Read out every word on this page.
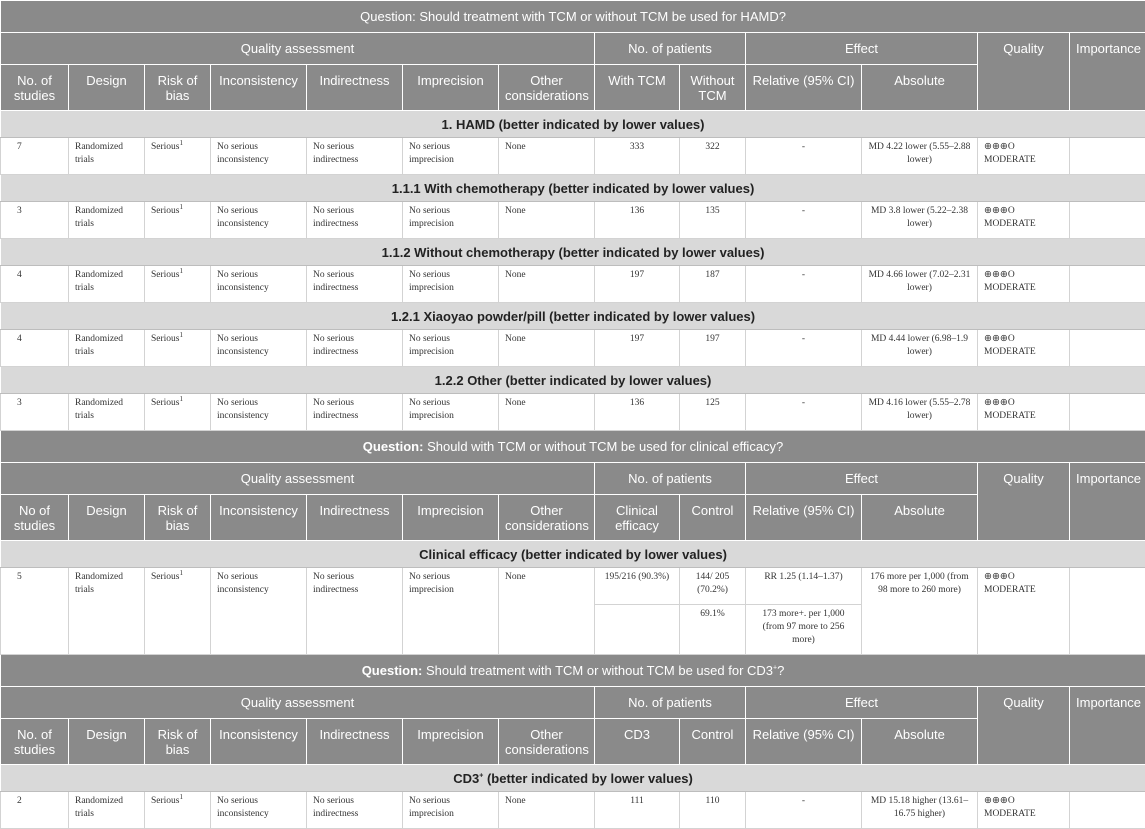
Question: Should treatment with TCM or without TCM be used for HAMD?												
Quality assessment							No. of patients		Effect		Quality	Importance
No. of studies	Design	Risk of bias	Inconsistency	Indirectness	Imprecision	Other considerations	With TCM	Without TCM	Relative (95% CI)	Absolute		
1. HAMD (better indicated by lower values)												
7	Randomized trials	Serious$^1$	No serious inconsistency	No serious indirectness	No serious imprecision	None	333	322	-	MD 4.22 lower (5.55–2.88 lower)	⊕⊕⊕O MODERATE	
1.1.1 With chemotherapy (better indicated by lower values)												
3	Randomized trials	Serious$^1$	No serious inconsistency	No serious indirectness	No serious imprecision	None	136	135	-	MD 3.8 lower (5.22–2.38 lower)	⊕⊕⊕O MODERATE	
1.1.2 Without chemotherapy (better indicated by lower values)												
4	Randomized trials	Serious$^1$	No serious inconsistency	No serious indirectness	No serious imprecision	None	197	187	-	MD 4.66 lower (7.02–2.31 lower)	⊕⊕⊕O MODERATE	
1.2.1 Xiaoyao powder/pill (better indicated by lower values)												
4	Randomized trials	Serious$^1$	No serious inconsistency	No serious indirectness	No serious imprecision	None	197	197	-	MD 4.44 lower (6.98–1.9 lower)	⊕⊕⊕O MODERATE	
1.2.2 Other (better indicated by lower values)												
3	Randomized trials	Serious$^1$	No serious inconsistency	No serious indirectness	No serious imprecision	None	136	125	-	MD 4.16 lower (5.55–2.78 lower)	⊕⊕⊕O MODERATE	
Question: Should with TCM or without TCM be used for clinical efficacy?												
Quality assessment							No. of patients		Effect		Quality	Importance
No of studies	Design	Risk of bias	Inconsistency	Indirectness	Imprecision	Other considerations	Clinical efficacy	Control	Relative (95% CI)	Absolute		
Clinical efficacy (better indicated by lower values)												
5	Randomized trials	Serious$^1$	No serious inconsistency	No serious indirectness	No serious imprecision	None	195/216 (90.3%)	144/ 205 (70.2%)	RR 1.25 (1.14–1.37)	176 more per 1,000 (from 98 more to 260 more)	⊕⊕⊕O MODERATE	
								69.1%	173 more+. per 1,000 (from 97 more to 256 more)			
Question: Should treatment with TCM or without TCM be used for CD3+?												
Quality assessment							No. of patients		Effect		Quality	Importance
No. of studies	Design	Risk of bias	Inconsistency	Indirectness	Imprecision	Other considerations	CD3	Control	Relative (95% CI)	Absolute		
CD3+ (better indicated by lower values)												
2	Randomized trials	Serious$^1$	No serious inconsistency	No serious indirectness	No serious imprecision	None	111	110	-	MD 15.18 higher (13.61–16.75 higher)	⊕⊕⊕O MODERATE	
